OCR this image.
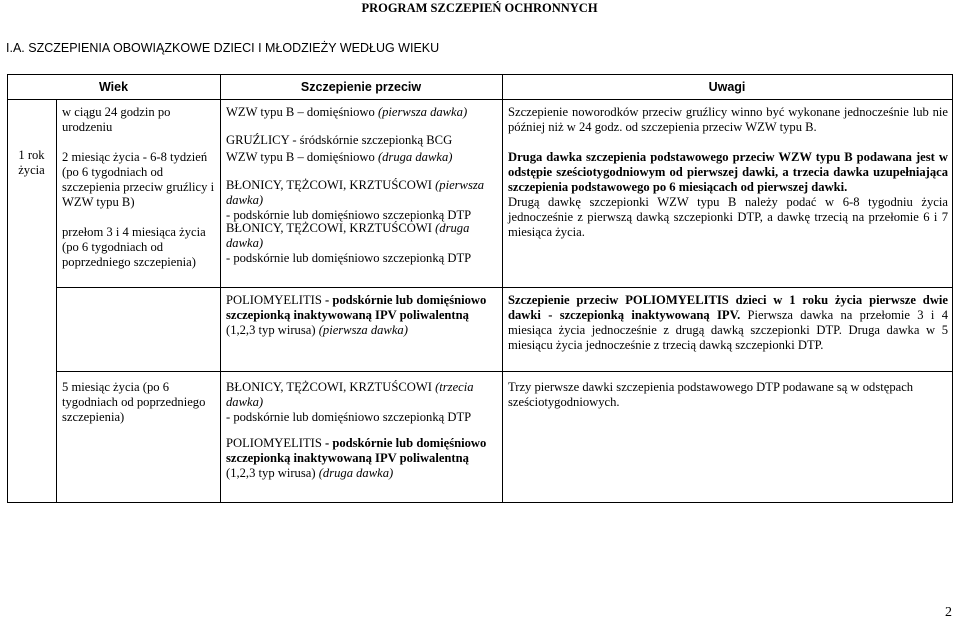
PROGRAM SZCZEPIEŃ OCHRONNYCH
I.A. SZCZEPIENIA OBOWIĄZKOWE DZIECI I MŁODZIEŻY WEDŁUG WIEKU
Wiek	Szczepienie przeciw	Uwagi
1 rok
życia
w ciągu 24 godzin po urodzeniu
2 miesiąc życia - 6-8 tydzień (po 6 tygodniach od szczepienia przeciw gruźlicy i WZW typu B)
przełom 3 i 4 miesiąca życia (po 6 tygodniach od poprzedniego szczepienia)
5 miesiąc życia (po 6 tygodniach od poprzedniego szczepienia)
WZW typu B – domięśniowo (pierwsza dawka)
GRUŹLICY - śródskórnie szczepionką BCG
WZW typu B – domięśniowo (druga dawka)
BŁONICY, TĘŻCOWI, KRZTUŚCOWI (pierwsza dawka)
- podskórnie lub domięśniowo szczepionką DTP
BŁONICY, TĘŻCOWI, KRZTUŚCOWI (druga dawka)
- podskórnie lub domięśniowo szczepionką DTP
POLIOMYELITIS - podskórnie lub domięśniowo szczepionką inaktywowaną IPV poliwalentną (1,2,3 typ wirusa) (pierwsza dawka)
BŁONICY, TĘŻCOWI, KRZTUŚCOWI (trzecia dawka)
- podskórnie lub domięśniowo szczepionką DTP
POLIOMYELITIS - podskórnie lub domięśniowo szczepionką inaktywowaną IPV poliwalentną (1,2,3 typ wirusa) (druga dawka)
Szczepienie noworodków przeciw gruźlicy winno być wykonane jednocześnie lub nie później niż w 24 godz. od szczepienia przeciw WZW typu B.
Druga dawka szczepienia podstawowego przeciw WZW typu B podawana jest w odstępie sześciotygodniowym od pierwszej dawki, a trzecia dawka uzupełniająca szczepienia podstawowego po 6 miesiącach od pierwszej dawki.
Drugą dawkę szczepionki WZW typu B należy podać w 6-8 tygodniu życia jednocześnie z pierwszą dawką szczepionki DTP, a dawkę trzecią na przełomie 6 i 7 miesiąca życia.
Szczepienie przeciw POLIOMYELITIS dzieci w 1 roku życia pierwsze dwie dawki - szczepionką inaktywowaną IPV. Pierwsza dawka na przełomie 3 i 4 miesiąca życia jednocześnie z drugą dawką szczepionki DTP. Druga dawka w 5 miesiącu życia jednocześnie z trzecią dawką szczepionki DTP.
Trzy pierwsze dawki szczepienia podstawowego DTP podawane są w odstępach sześciotygodniowych.
2
